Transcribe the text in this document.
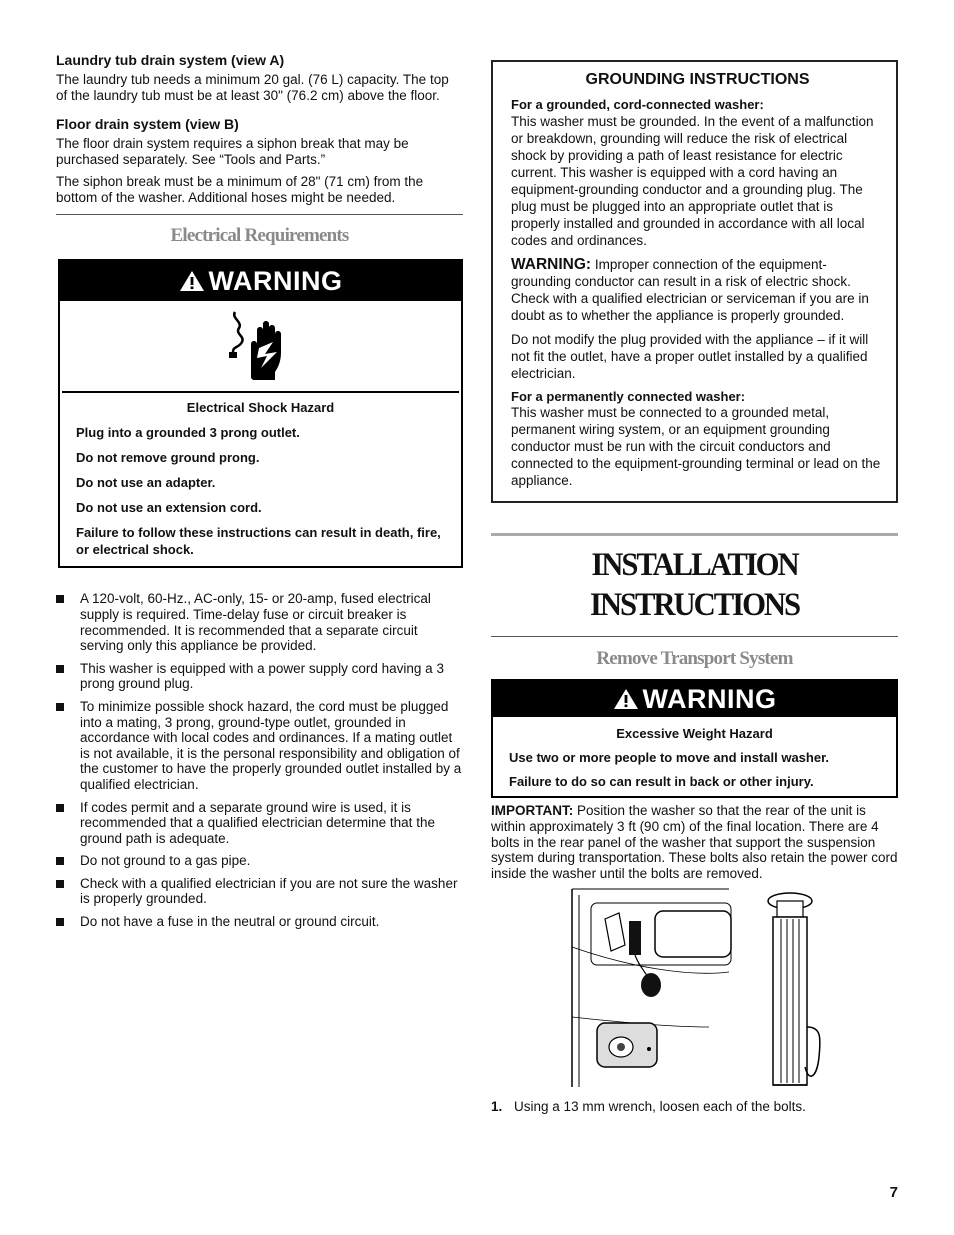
Laundry tub drain system (view A)

The laundry tub needs a minimum 20 gal. (76 L) capacity. The top of the laundry tub must be at least 30" (76.2 cm) above the floor.

Floor drain system (view B)

The floor drain system requires a siphon break that may be purchased separately. See “Tools and Parts.”

The siphon break must be a minimum of 28" (71 cm) from the bottom of the washer. Additional hoses might be needed.

Electrical Requirements
WARNING
Electrical Shock Hazard
Plug into a grounded 3 prong outlet.
Do not remove ground prong.
Do not use an adapter.
Do not use an extension cord.
Failure to follow these instructions can result in death, fire, or electrical shock.
A 120-volt, 60-Hz., AC-only, 15- or 20-amp, fused electrical supply is required. Time-delay fuse or circuit breaker is recommended. It is recommended that a separate circuit serving only this appliance be provided.
This washer is equipped with a power supply cord having a 3 prong ground plug.
To minimize possible shock hazard, the cord must be plugged into a mating, 3 prong, ground-type outlet, grounded in accordance with local codes and ordinances. If a mating outlet is not available, it is the personal responsibility and obligation of the customer to have the properly grounded outlet installed by a qualified electrician.
If codes permit and a separate ground wire is used, it is recommended that a qualified electrician determine that the ground path is adequate.
Do not ground to a gas pipe.
Check with a qualified electrician if you are not sure the washer is properly grounded.
Do not have a fuse in the neutral or ground circuit.
GROUNDING INSTRUCTIONS
For a grounded, cord-connected washer:

This washer must be grounded. In the event of a malfunction or breakdown, grounding will reduce the risk of electrical shock by providing a path of least resistance for electric current. This washer is equipped with a cord having an equipment-grounding conductor and a grounding plug. The plug must be plugged into an appropriate outlet that is properly installed and grounded in accordance with all local codes and ordinances.

WARNING: Improper connection of the equipment-grounding conductor can result in a risk of electric shock. Check with a qualified electrician or serviceman if you are in doubt as to whether the appliance is properly grounded.

Do not modify the plug provided with the appliance – if it will not fit the outlet, have a proper outlet installed by a qualified electrician.

For a permanently connected washer:

This washer must be connected to a grounded metal, permanent wiring system, or an equipment grounding conductor must be run with the circuit conductors and connected to the equipment-grounding terminal or lead on the appliance.

INSTALLATION INSTRUCTIONS
Remove Transport System
WARNING
Excessive Weight Hazard
Use two or more people to move and install washer.
Failure to do so can result in back or other injury.

IMPORTANT: Position the washer so that the rear of the unit is within approximately 3 ft (90 cm) of the final location. There are 4 bolts in the rear panel of the washer that support the suspension system during transportation. These bolts also retain the power cord inside the washer until the bolts are removed.

1. Using a 13 mm wrench, loosen each of the bolts.
7
